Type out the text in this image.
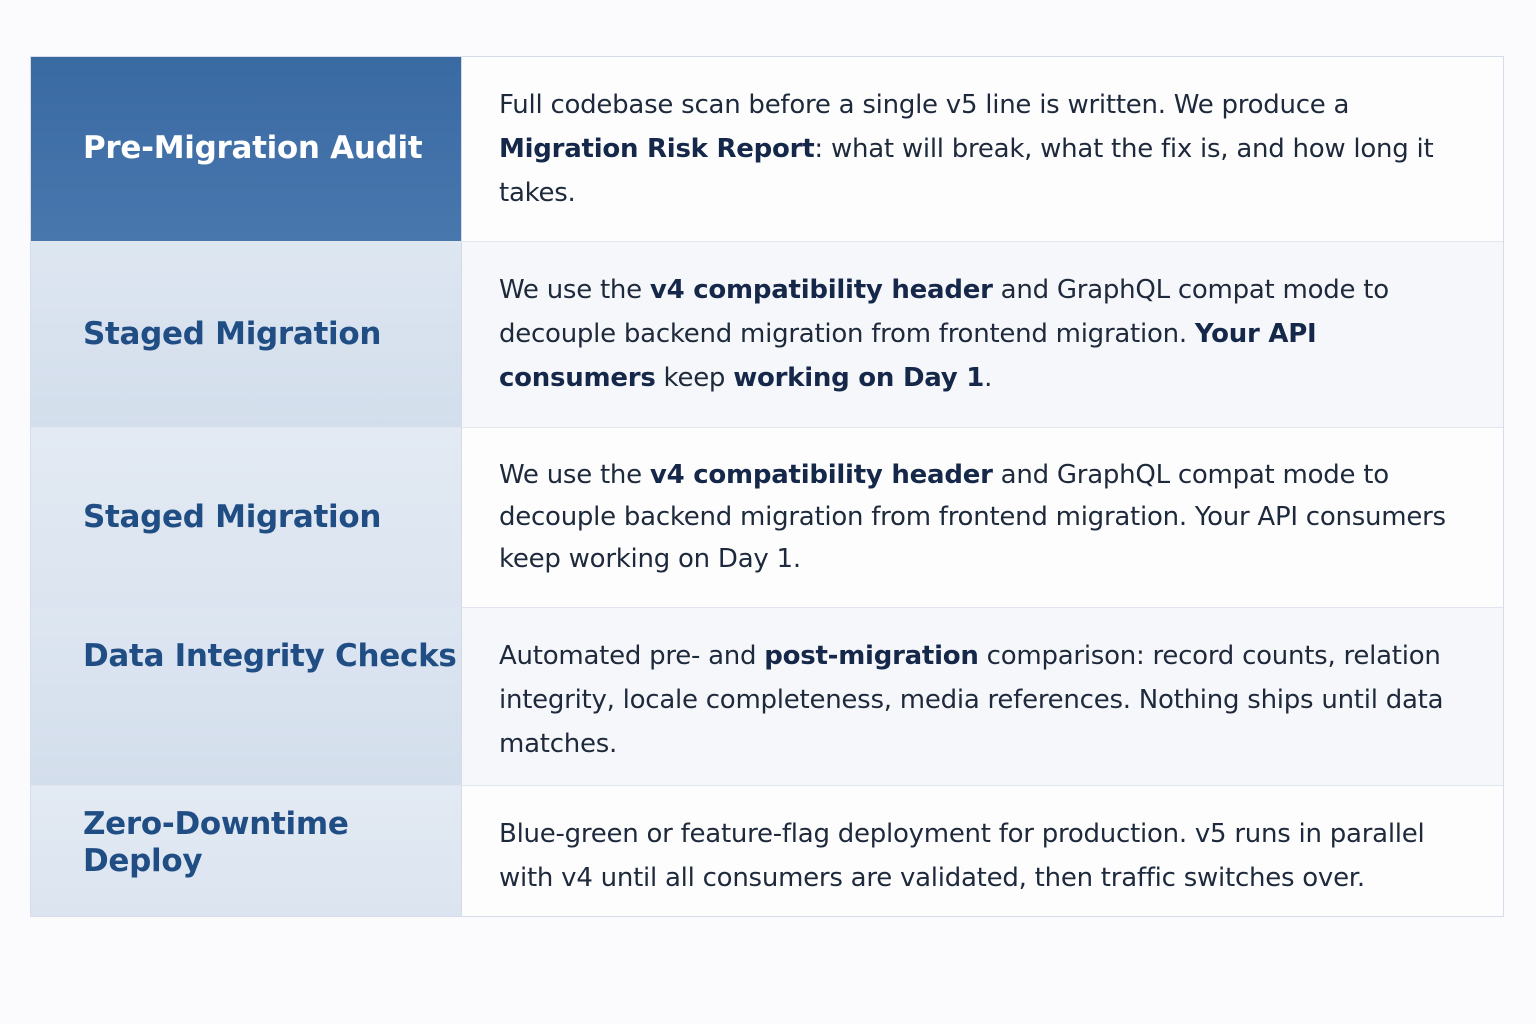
Pre-Migration Audit

Full codebase scan before a single v5 line is written. We produce a Migration Risk Report: what will break, what the fix is, and how long it takes.

Staged Migration

We use the v4 compatibility header and GraphQL compat mode to decouple backend migration from frontend migration. Your API consumers keep working on Day 1.

Staged Migration

We use the v4 compatibility header and GraphQL compat mode to decouple backend migration from frontend migration. Your API consumers keep working on Day 1.

Data Integrity Checks Automated pre- and post-migration comparison: record counts, relation integrity, locale completeness, media references. Nothing ships until data matches.

Zero-Downtime Deploy

Blue-green or feature-flag deployment for production. v5 runs in parallel with v4 until all consumers are validated, then traffic switches over.
